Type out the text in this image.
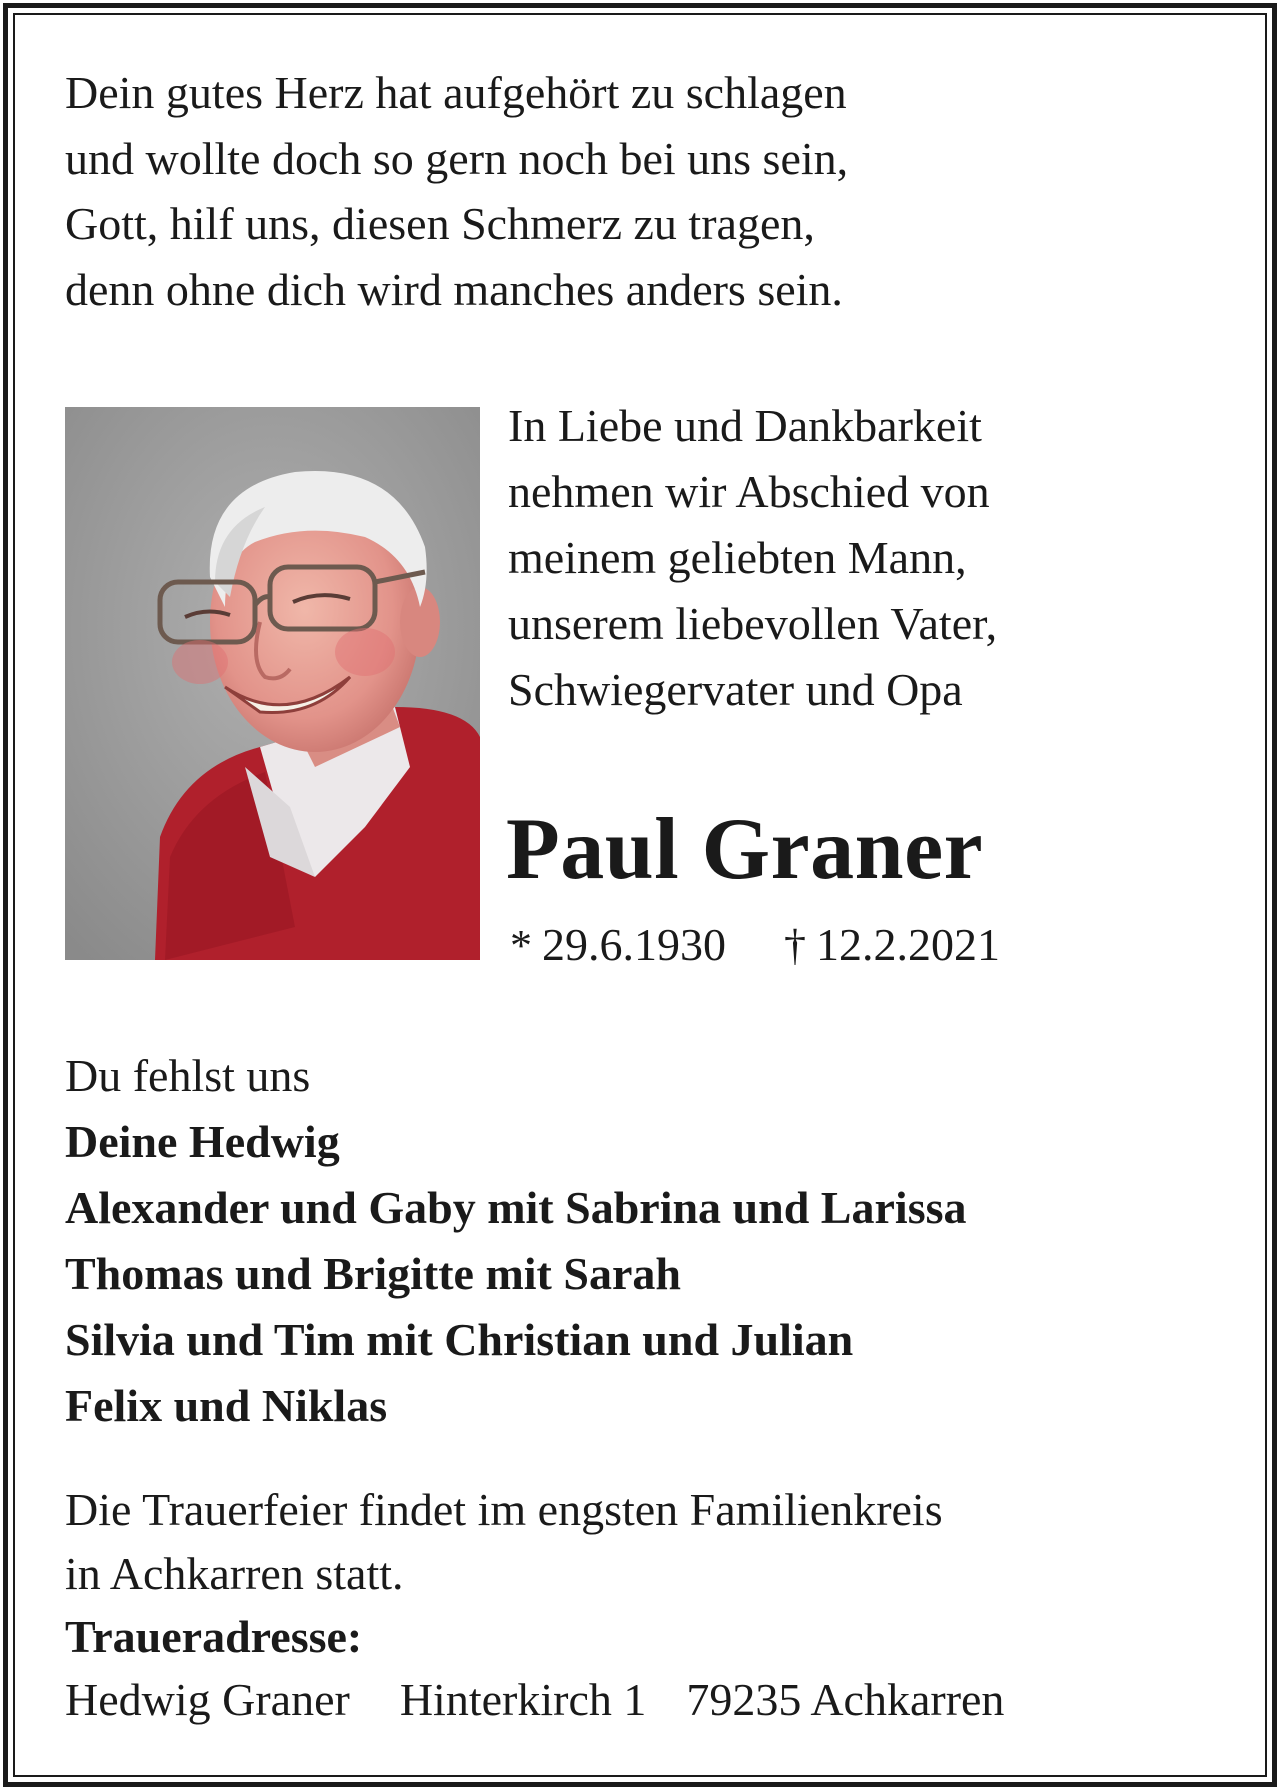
Dein gutes Herz hat aufgehört zu schlagen
und wollte doch so gern noch bei uns sein,
Gott, hilf uns, diesen Schmerz zu tragen,
denn ohne dich wird manches anders sein.
In Liebe und Dankbarkeit
nehmen wir Abschied von
meinem geliebten Mann,
unserem liebevollen Vater,
Schwiegervater und Opa
Paul Graner
* 29.6.1930 † 12.2.2021
Du fehlst uns
Deine Hedwig
Alexander und Gaby mit Sabrina und Larissa
Thomas und Brigitte mit Sarah
Silvia und Tim mit Christian und Julian
Felix und Niklas
Die Trauerfeier findet im engsten Familienkreis
in Achkarren statt.
Traueradresse:
Hedwig Graner Hinterkirch 1 79235 Achkarren
